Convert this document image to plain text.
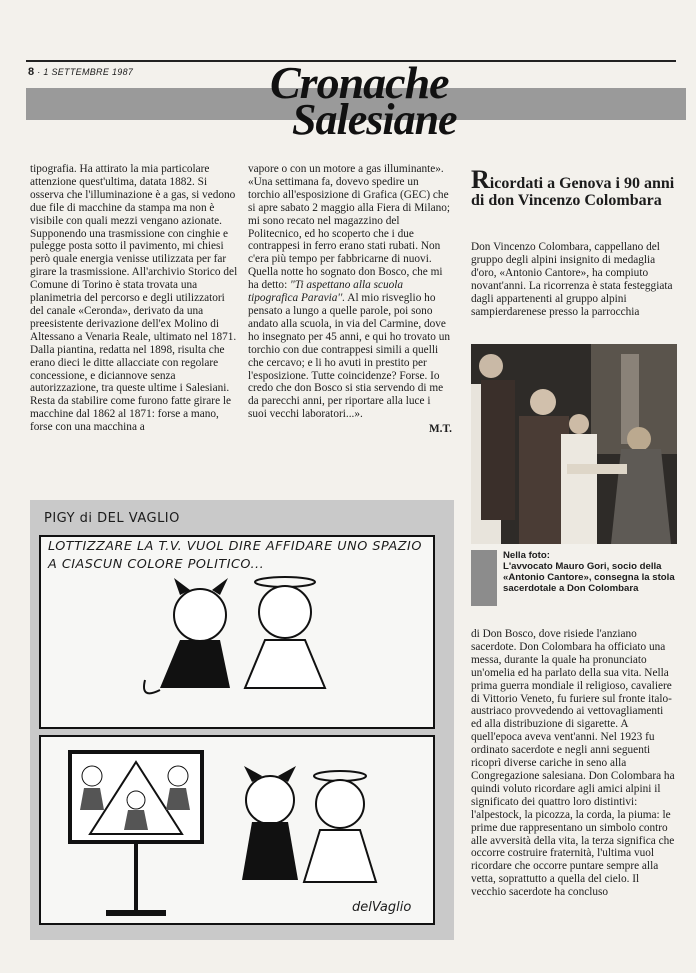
8 · 1 SETTEMBRE 1987	Cronache
Salesiane

tipografia. Ha attirato la mia particolare attenzione quest'ultima, datata 1882. Si osserva che l'illuminazione è a gas, si vedono due file di macchine da stampa ma non è visibile con quali mezzi vengano azionate. Supponendo una trasmissione con cinghie e pulegge posta sotto il pavimento, mi chiesi però quale energia venisse utilizzata per far girare la trasmissione. All'archivio Storico del Comune di Torino è stata trovata una planimetria del percorso e degli utilizzatori del canale «Ceronda», derivato da una preesistente derivazione dell'ex Molino di Altessano a Venaria Reale, ultimato nel 1871. Dalla piantina, redatta nel 1898, risulta che erano dieci le ditte allacciate con regolare concessione, e diciannove senza autorizzazione, tra queste ultime i Salesiani. Resta da stabilire come furono fatte girare le macchine dal 1862 al 1871: forse a mano, forse con una macchina a

vapore o con un motore a gas illuminante».

«Una settimana fa, dovevo spedire un torchio all'esposizione di Grafica (GEC) che si apre sabato 2 maggio alla Fiera di Milano; mi sono recato nel magazzino del Politecnico, ed ho scoperto che i due contrappesi in ferro erano stati rubati. Non c'era più tempo per fabbricarne di nuovi. Quella notte ho sognato don Bosco, che mi ha detto: "Ti aspettano alla scuola tipografica Paravia''. Al mio risveglio ho pensato a lungo a quelle parole, poi sono andato alla scuola, in via del Carmine, dove ho insegnato per 45 anni, e qui ho trovato un torchio con due contrappesi simili a quelli che cercavo; e li ho avuti in prestito per l'esposizione. Tutte coincidenze? Forse. Io credo che don Bosco si stia servendo di me da parecchi anni, per riportare alla luce i suoi vecchi laboratori...».

M.T.

Ricordati a Genova i 90 anni di don Vincenzo Colombara

Don Vincenzo Colombara, cappellano del gruppo degli alpini insignito di medaglia d'oro, «Antonio Cantore», ha compiuto novant'anni. La ricorrenza è stata festeggiata dagli appartenenti al gruppo alpini sampierdarenese presso la parrocchia

Nella foto:
L'avvocato Mauro Gori, socio della «Antonio Cantore», consegna la stola sacerdotale a Don Colombara

di Don Bosco, dove risiede l'anziano sacerdote. Don Colombara ha officiato una messa, durante la quale ha pronunciato un'omelia ed ha parlato della sua vita. Nella prima guerra mondiale il religioso, cavaliere di Vittorio Veneto, fu furiere sul fronte italo-austriaco provvedendo ai vettovagliamenti ed alla distribuzione di sigarette. A quell'epoca aveva vent'anni. Nel 1923 fu ordinato sacerdote e negli anni seguenti ricoprì diverse cariche in seno alla Congregazione salesiana. Don Colombara ha quindi voluto ricordare agli amici alpini il significato dei quattro loro distintivi: l'alpestock, la picozza, la corda, la piuma: le prime due rappresentano un simbolo contro alle avversità della vita, la terza significa che occorre costruire fraternità, l'ultima vuol ricordare che occorre puntare sempre alla vetta, soprattutto a quella del cielo. Il vecchio sacerdote ha concluso

PIGY di DEL VAGLIO
LOTTIZZARE LA T.V. VUOL DIRE AFFIDARE UNO SPAZIO A CIASCUN COLORE POLITICO...
delVaglio
